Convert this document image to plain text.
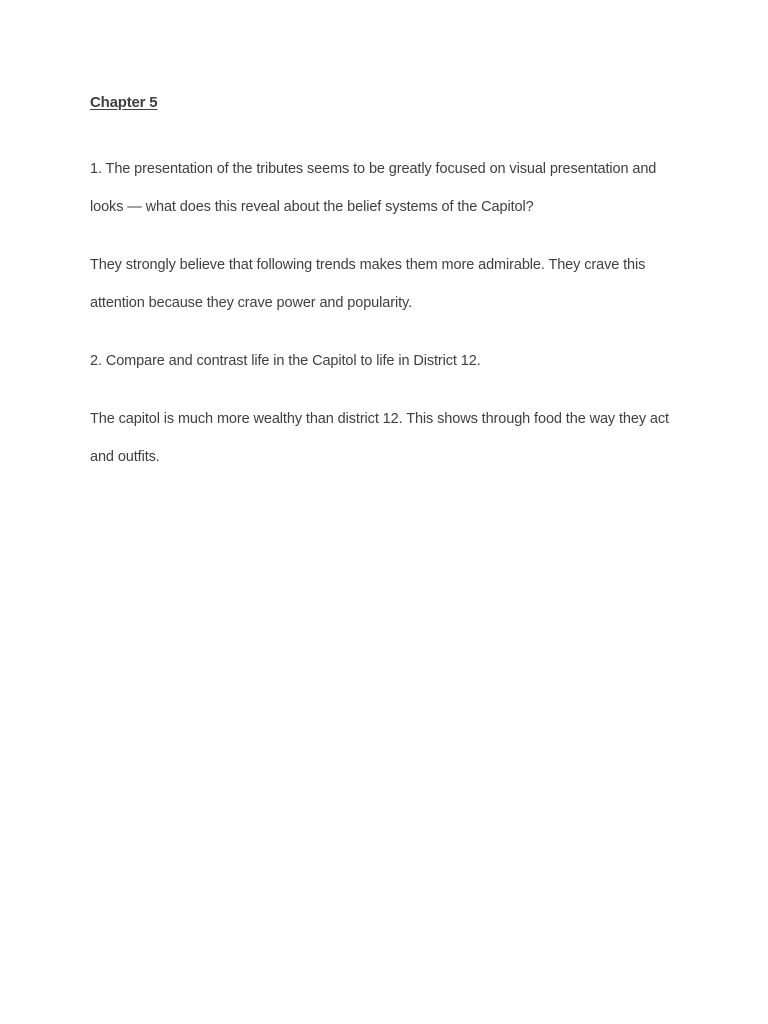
Chapter 5

1. The presentation of the tributes seems to be greatly focused on visual presentation and looks — what does this reveal about the belief systems of the Capitol?

They strongly believe that following trends makes them more admirable. They crave this attention because they crave power and popularity.

2. Compare and contrast life in the Capitol to life in District 12.

The capitol is much more wealthy than district 12. This shows through food the way they act and outfits.
